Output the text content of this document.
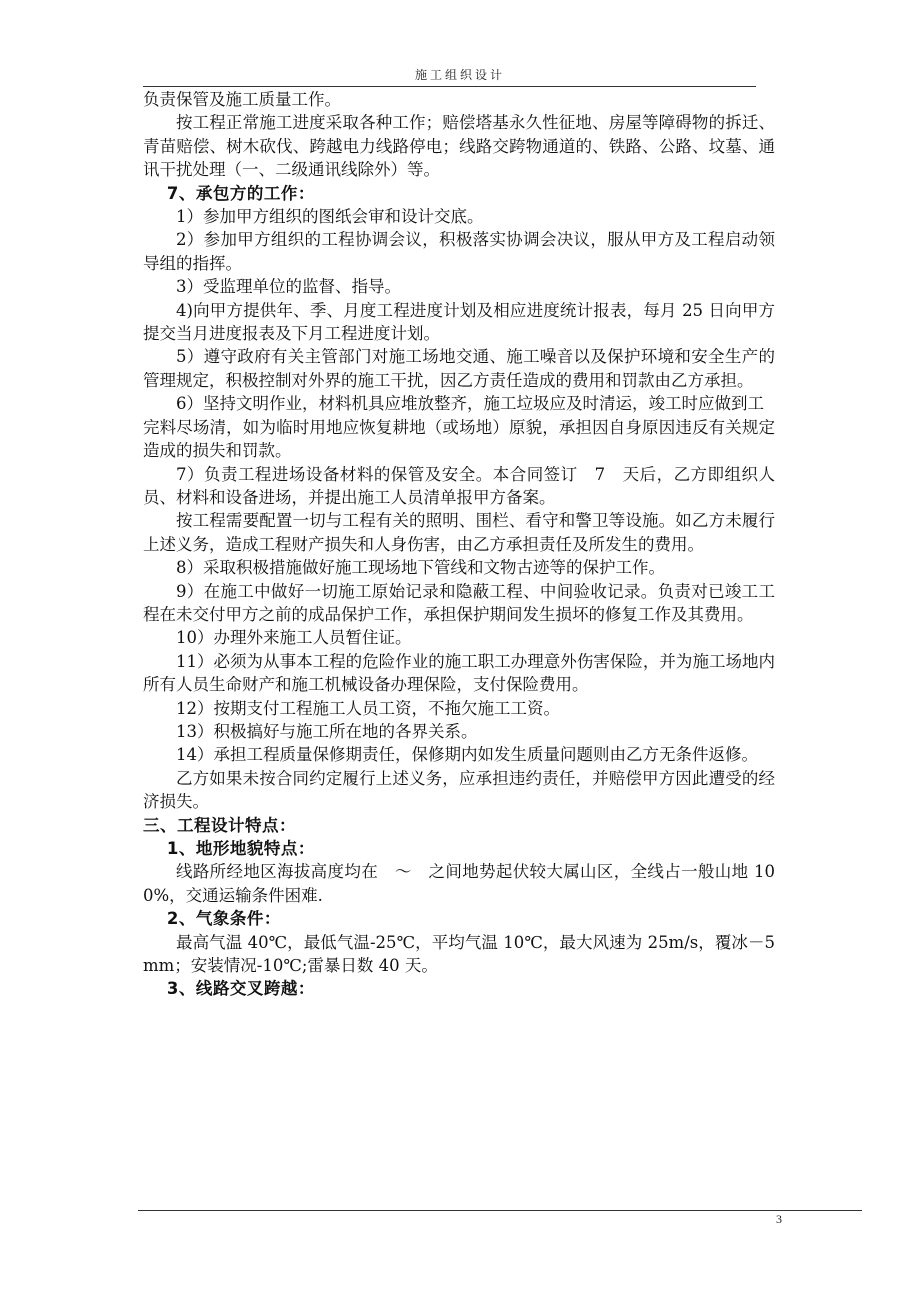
施工组织设计

负责保管及施工质量工作。

按工程正常施工进度采取各种工作；赔偿塔基永久性征地、房屋等障碍物的拆迁、青苗赔偿、树木砍伐、跨越电力线路停电；线路交跨物通道的、铁路、公路、坟墓、通讯干扰处理（一、二级通讯线除外）等。

7、承包方的工作：

1）参加甲方组织的图纸会审和设计交底。

2）参加甲方组织的工程协调会议，积极落实协调会决议，服从甲方及工程启动领导组的指挥。

3）受监理单位的监督、指导。

4)向甲方提供年、季、月度工程进度计划及相应进度统计报表，每月 25 日向甲方提交当月进度报表及下月工程进度计划。

5）遵守政府有关主管部门对施工场地交通、施工噪音以及保护环境和安全生产的管理规定，积极控制对外界的施工干扰，因乙方责任造成的费用和罚款由乙方承担。

6）坚持文明作业，材料机具应堆放整齐，施工垃圾应及时清运，竣工时应做到工

完料尽场清，如为临时用地应恢复耕地（或场地）原貌，承担因自身原因违反有关规定造成的损失和罚款。

7）负责工程进场设备材料的保管及安全。本合同签订　7　天后，乙方即组织人员、材料和设备进场，并提出施工人员清单报甲方备案。

按工程需要配置一切与工程有关的照明、围栏、看守和警卫等设施。如乙方未履行上述义务，造成工程财产损失和人身伤害，由乙方承担责任及所发生的费用。

8）采取积极措施做好施工现场地下管线和文物古迹等的保护工作。

9）在施工中做好一切施工原始记录和隐蔽工程、中间验收记录。负责对已竣工工程在未交付甲方之前的成品保护工作，承担保护期间发生损坏的修复工作及其费用。

10）办理外来施工人员暂住证。

11）必须为从事本工程的危险作业的施工职工办理意外伤害保险，并为施工场地内所有人员生命财产和施工机械设备办理保险，支付保险费用。

12）按期支付工程施工人员工资，不拖欠施工工资。

13）积极搞好与施工所在地的各界关系。

14）承担工程质量保修期责任，保修期内如发生质量问题则由乙方无条件返修。

乙方如果未按合同约定履行上述义务，应承担违约责任，并赔偿甲方因此遭受的经济损失。

三、工程设计特点：

1、地形地貌特点：

线路所经地区海拔高度均在　～　之间地势起伏较大属山区，全线占一般山地 100%，交通运输条件困难.

2、气象条件：

最高气温 40℃，最低气温-25℃，平均气温 10℃，最大风速为 25m/s，覆冰－5mm；安装情况-10℃;雷暴日数 40 天。

3、线路交叉跨越：

3
